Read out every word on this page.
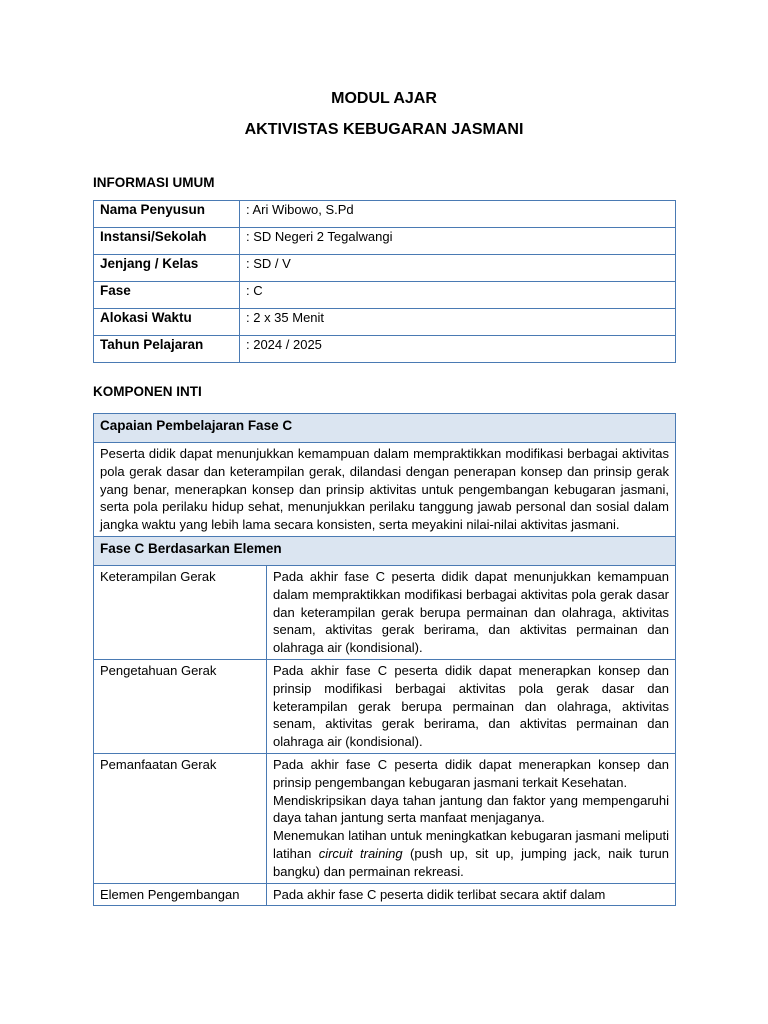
MODUL AJAR
AKTIVISTAS KEBUGARAN JASMANI
INFORMASI UMUM
Nama Penyusun	: Ari Wibowo, S.Pd
Instansi/Sekolah	: SD Negeri 2 Tegalwangi
Jenjang / Kelas	: SD / V
Fase	: C
Alokasi Waktu	: 2 x 35 Menit
Tahun Pelajaran	: 2024 / 2025
KOMPONEN INTI
Capaian Pembelajaran Fase C	
Peserta didik dapat menunjukkan kemampuan dalam mempraktikkan modifikasi berbagai aktivitas pola gerak dasar dan keterampilan gerak, dilandasi dengan penerapan konsep dan prinsip gerak yang benar, menerapkan konsep dan prinsip aktivitas untuk pengembangan kebugaran jasmani, serta pola perilaku hidup sehat, menunjukkan perilaku tanggung jawab personal dan sosial dalam jangka waktu yang lebih lama secara konsisten, serta meyakini nilai-nilai aktivitas jasmani.	
Fase C Berdasarkan Elemen	
Keterampilan Gerak	Pada akhir fase C peserta didik dapat menunjukkan kemampuan dalam mempraktikkan modifikasi berbagai aktivitas pola gerak dasar dan keterampilan gerak berupa permainan dan olahraga, aktivitas senam, aktivitas gerak berirama, dan aktivitas permainan dan olahraga air (kondisional).
Pengetahuan Gerak	Pada akhir fase C peserta didik dapat menerapkan konsep dan prinsip modifikasi berbagai aktivitas pola gerak dasar dan keterampilan gerak berupa permainan dan olahraga, aktivitas senam, aktivitas gerak berirama, dan aktivitas permainan dan olahraga air (kondisional).
Pemanfaatan Gerak	Pada akhir fase C peserta didik dapat menerapkan konsep dan prinsip pengembangan kebugaran jasmani terkait Kesehatan.

Mendiskripsikan daya tahan jantung dan faktor yang mempengaruhi daya tahan jantung serta manfaat menjaganya.

Menemukan latihan untuk meningkatkan kebugaran jasmani meliputi latihan circuit training (push up, sit up, jumping jack, naik turun bangku) dan permainan rekreasi.

Elemen Pengembangan	Pada akhir fase C peserta didik terlibat secara aktif dalam
